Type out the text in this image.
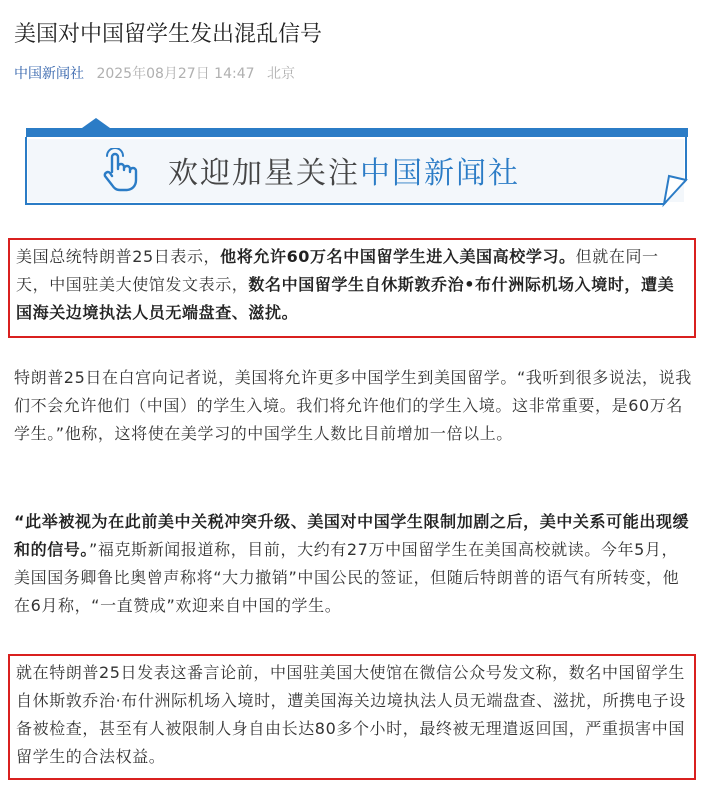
美国对中国留学生发出混乱信号
中国新闻社 2025年08月27日 14:47 北京
欢迎加星关注中国新闻社

美国总统特朗普25日表示，他将允许60万名中国留学生进入美国高校学习。但就在同一天，中国驻美大使馆发文表示，数名中国留学生自休斯敦乔治•布什洲际机场入境时，遭美国海关边境执法人员无端盘查、滋扰。

特朗普25日在白宫向记者说，美国将允许更多中国学生到美国留学。“我听到很多说法，说我们不会允许他们（中国）的学生入境。我们将允许他们的学生入境。这非常重要，是60万名学生。”他称，这将使在美学习的中国学生人数比目前增加一倍以上。

“此举被视为在此前美中关税冲突升级、美国对中国学生限制加剧之后，美中关系可能出现缓和的信号。”福克斯新闻报道称，目前，大约有27万中国留学生在美国高校就读。今年5月，美国国务卿鲁比奥曾声称将“大力撤销”中国公民的签证，但随后特朗普的语气有所转变，他在6月称，“一直赞成”欢迎来自中国的学生。

就在特朗普25日发表这番言论前，中国驻美国大使馆在微信公众号发文称，数名中国留学生自休斯敦乔治·布什洲际机场入境时，遭美国海关边境执法人员无端盘查、滋扰，所携电子设备被检查，甚至有人被限制人身自由长达80多个小时，最终被无理遣返回国，严重损害中国留学生的合法权益。
